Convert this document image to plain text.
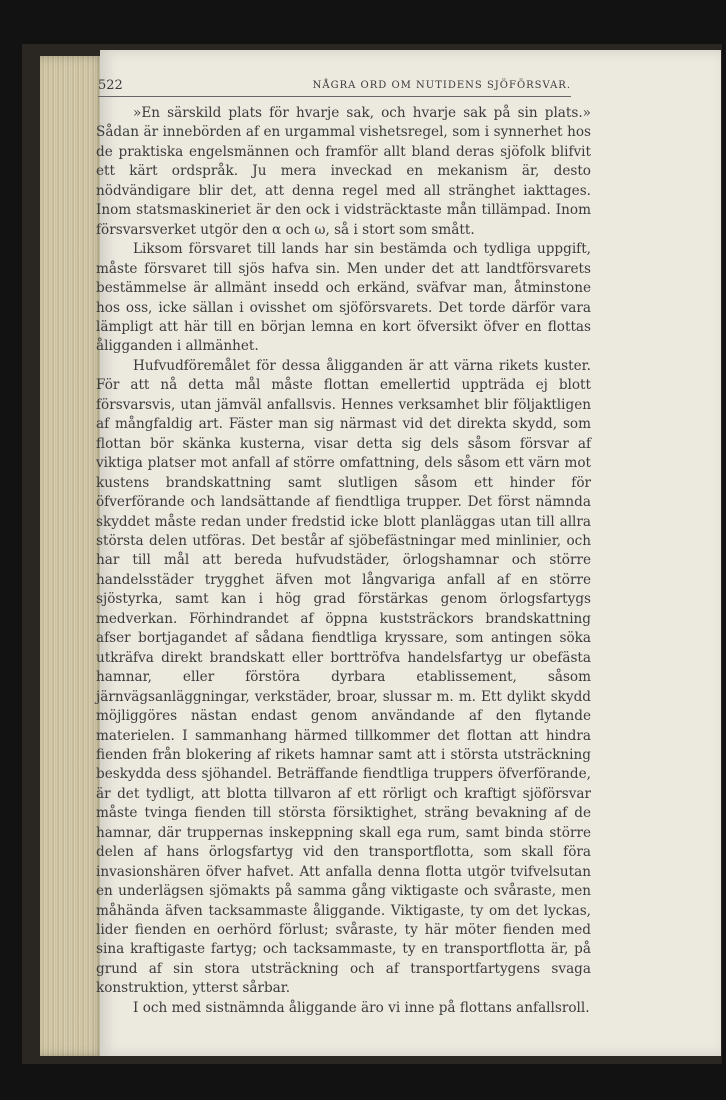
522	NÅGRA ORD OM NUTIDENS SJÖFÖRSVAR.

»En särskild plats för hvarje sak, och hvarje sak på sin plats.» Sådan är innebörden af en urgammal vishetsregel, som i synnerhet hos de praktiska engelsmännen och framför allt bland deras sjöfolk blifvit ett kärt ordspråk. Ju mera inveckad en mekanism är, desto nödvändigare blir det, att denna regel med all stränghet iakttages. Inom statsmaskineriet är den ock i vidsträcktaste mån tillämpad. Inom försvarsverket utgör den α och ω, så i stort som smått.

Liksom försvaret till lands har sin bestämda och tydliga uppgift, måste försvaret till sjös hafva sin. Men under det att landtförsvarets bestämmelse är allmänt insedd och erkänd, sväfvar man, åtminstone hos oss, icke sällan i ovisshet om sjöförsvarets. Det torde därför vara lämpligt att här till en början lemna en kort öfversikt öfver en flottas åligganden i allmänhet.

Hufvudföremålet för dessa åligganden är att värna rikets kuster. För att nå detta mål måste flottan emellertid uppträda ej blott försvarsvis, utan jämväl anfallsvis. Hennes verksamhet blir följaktligen af mångfaldig art. Fäster man sig närmast vid det direkta skydd, som flottan bör skänka kusterna, visar detta sig dels såsom försvar af viktiga platser mot anfall af större omfattning, dels såsom ett värn mot kustens brandskattning samt slutligen såsom ett hinder för öfverförande och landsättande af fiendtliga trupper. Det först nämnda skyddet måste redan under fredstid icke blott planläggas utan till allra största delen utföras. Det består af sjöbefästningar med minlinier, och har till mål att bereda hufvudstäder, örlogshamnar och större handelsstäder trygghet äfven mot långvariga anfall af en större sjöstyrka, samt kan i hög grad förstärkas genom örlogsfartygs medverkan. Förhindrandet af öppna kuststräckors brandskattning afser bortjagandet af sådana fiendtliga kryssare, som antingen söka utkräfva direkt brandskatt eller borttröfva handelsfartyg ur obefästa hamnar, eller förstöra dyrbara etablissement, såsom järnvägsanläggningar, verkstäder, broar, slussar m. m. Ett dylikt skydd möjliggöres nästan endast genom användande af den flytande materielen. I sammanhang härmed tillkommer det flottan att hindra fienden från blokering af rikets hamnar samt att i största utsträckning beskydda dess sjöhandel. Beträffande fiendtliga truppers öfverförande, är det tydligt, att blotta tillvaron af ett rörligt och kraftigt sjöförsvar måste tvinga fienden till största försiktighet, sträng bevakning af de hamnar, där truppernas inskeppning skall ega rum, samt binda större delen af hans örlogsfartyg vid den transportflotta, som skall föra invasionshären öfver hafvet. Att anfalla denna flotta utgör tvifvelsutan en underlägsen sjömakts på samma gång viktigaste och svåraste, men måhända äfven tacksammaste åliggande. Viktigaste, ty om det lyckas, lider fienden en oerhörd förlust; svåraste, ty här möter fienden med sina kraftigaste fartyg; och tacksammaste, ty en transportflotta är, på grund af sin stora utsträckning och af transportfartygens svaga konstruktion, ytterst sårbar.

I och med sistnämnda åliggande äro vi inne på flottans anfallsroll.
